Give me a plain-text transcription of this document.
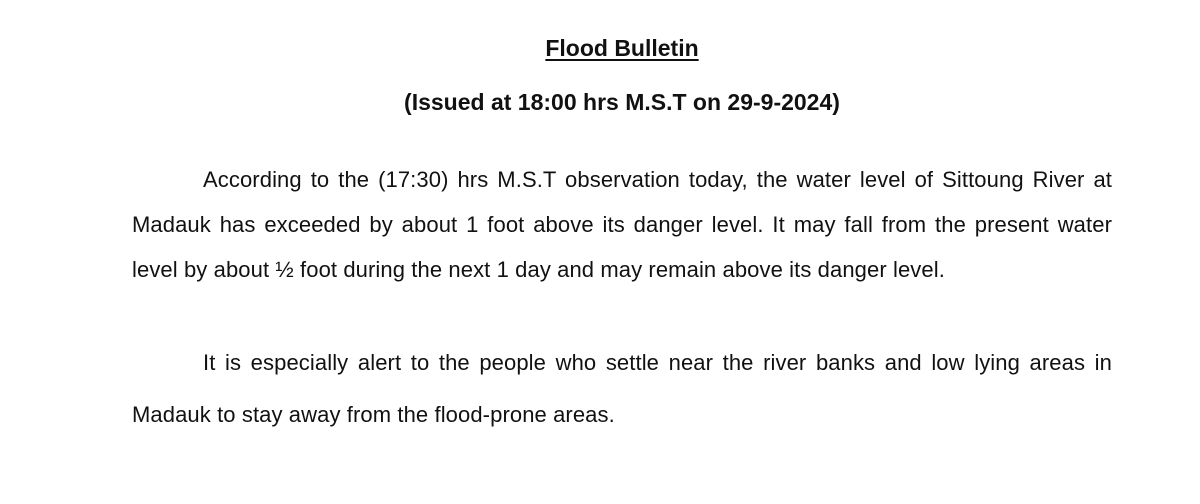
Flood Bulletin
(Issued at 18:00 hrs M.S.T on 29-9-2024)

According to the (17:30) hrs M.S.T observation today, the water level of Sittoung River at Madauk has exceeded by about 1 foot above its danger level. It may fall from the present water level by about ½ foot during the next 1 day and may remain above its danger level.

It is especially alert to the people who settle near the river banks and low lying areas in Madauk to stay away from the flood-prone areas.
